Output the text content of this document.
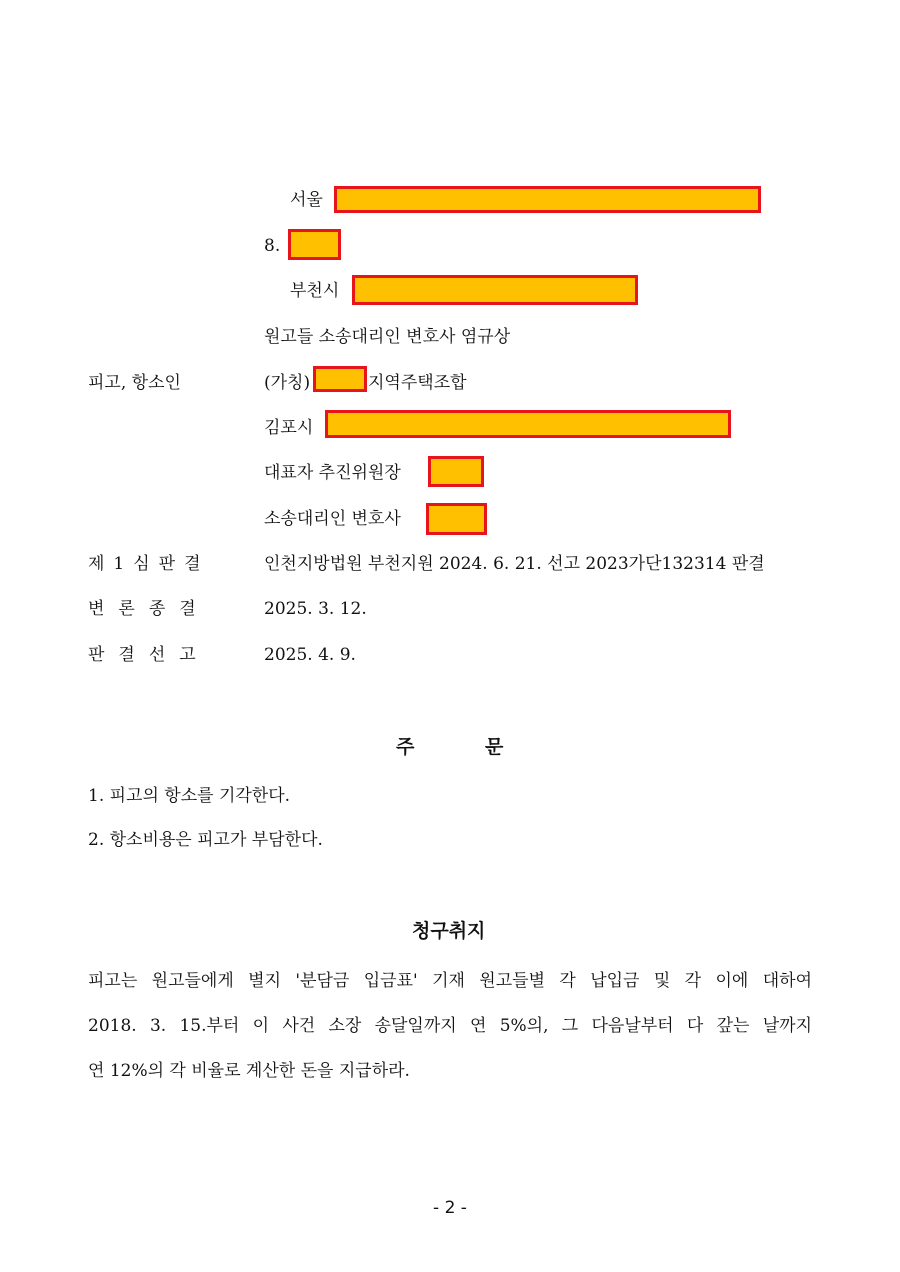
서울
8.
부천시
원고들 소송대리인 변호사 염규상
피고, 항소인	(가칭)	지역주택조합
김포시
대표자 추진위원장
소송대리인 변호사
제1심판결	인천지방법원 부천지원 2024. 6. 21. 선고 2023가단132314 판결
변론종결	2025. 3. 12.
판결선고	2025. 4. 9.
주	문
1. 피고의 항소를 기각한다.
2. 항소비용은 피고가 부담한다.
청구취지
피고는 원고들에게 별지 '분담금 입금표' 기재 원고들별 각 납입금 및 각 이에 대하여
2018. 3. 15.부터 이 사건 소장 송달일까지 연 5%의, 그 다음날부터 다 갚는 날까지
연 12%의 각 비율로 계산한 돈을 지급하라.
- 2 -
